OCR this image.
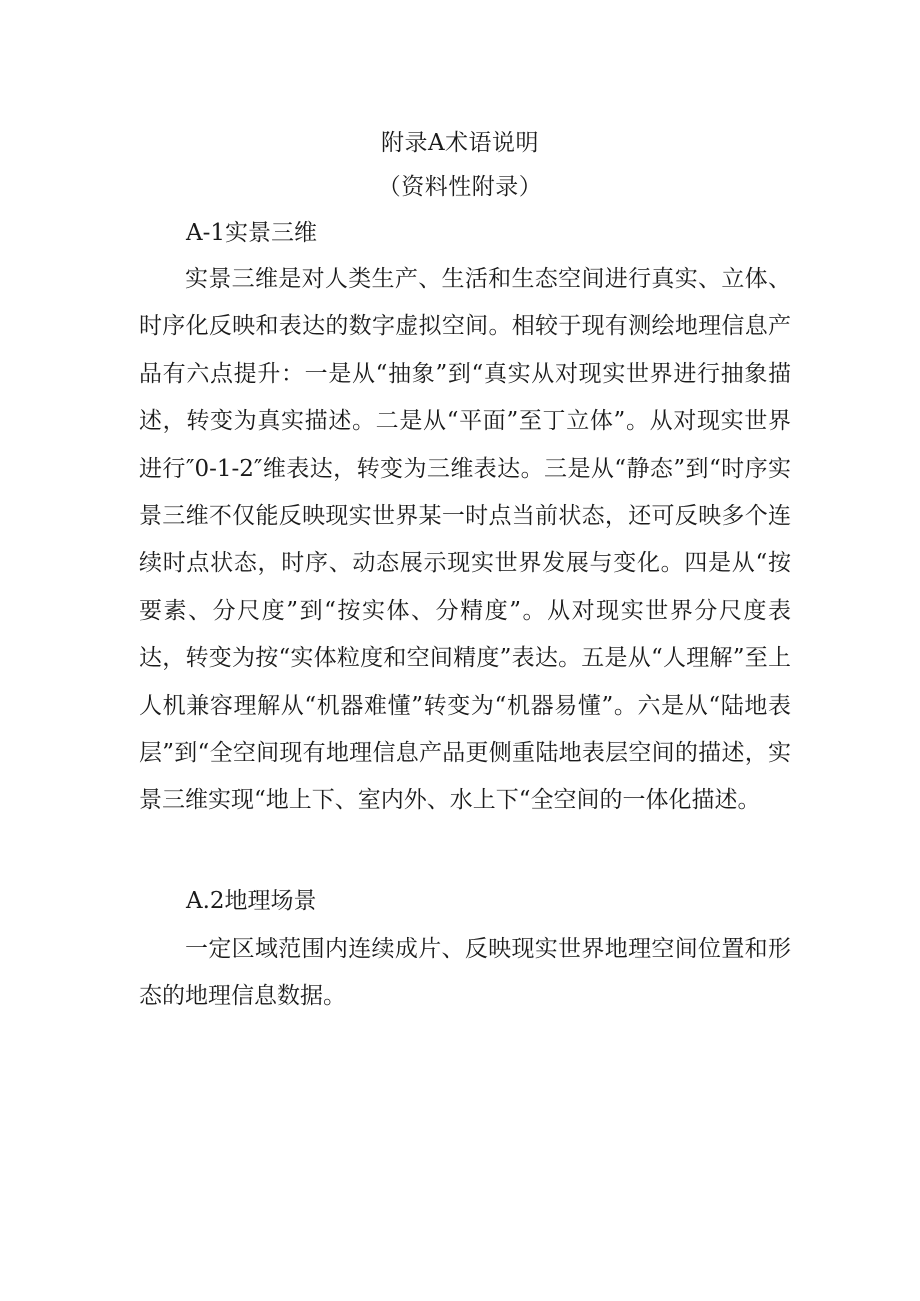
附录A术语说明
（资料性附录）
A-1实景三维

实景三维是对人类生产、生活和生态空间进行真实、立体、时序化反映和表达的数字虚拟空间。相较于现有测绘地理信息产品有六点提升：一是从“抽象”到“真实从对现实世界进行抽象描述，转变为真实描述。二是从“平面”至丁立体”。从对现实世界进行″0-1-2″维表达，转变为三维表达。三是从“静态”到“时序实景三维不仅能反映现实世界某一时点当前状态，还可反映多个连续时点状态，时序、动态展示现实世界发展与变化。四是从“按要素、分尺度”到“按实体、分精度”。从对现实世界分尺度表达，转变为按“实体粒度和空间精度”表达。五是从“人理解”至上人机兼容理解从“机器难懂”转变为“机器易懂”。六是从“陆地表层”到“全空间现有地理信息产品更侧重陆地表层空间的描述，实景三维实现“地上下、室内外、水上下“全空间的一体化描述。

A.2地理场景

一定区域范围内连续成片、反映现实世界地理空间位置和形态的地理信息数据。
